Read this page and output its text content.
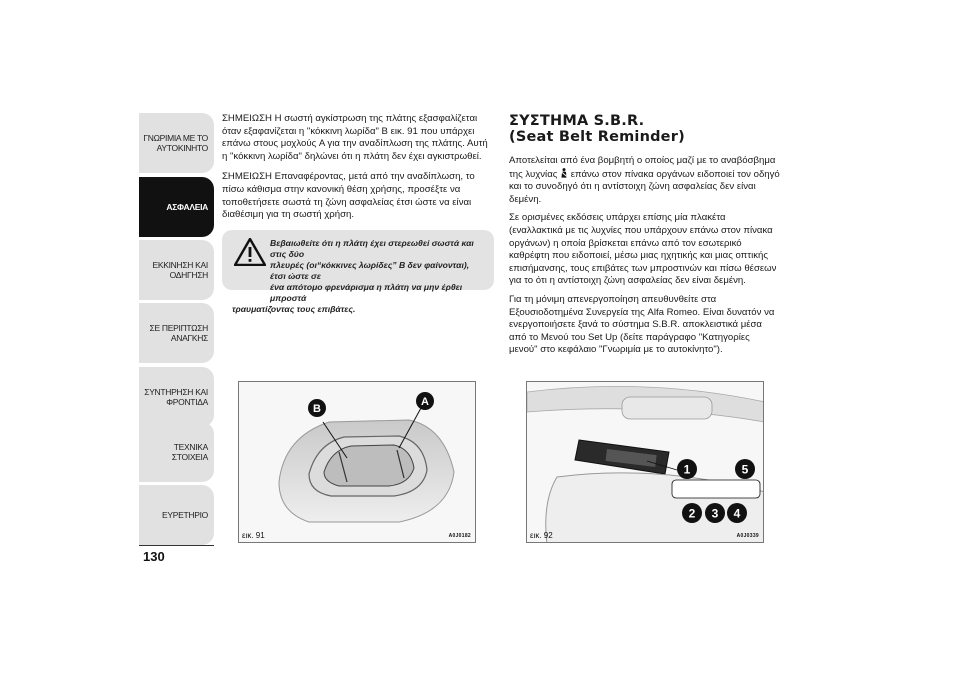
ΓΝΩΡΙΜΙΑ ΜΕ ΤΟ
ΑΥΤΟΚΙΝΗΤΟ
ΑΣΦΑΛΕΙΑ
ΕΚΚΙΝΗΣΗ ΚΑΙ
ΟΔΗΓΗΣΗ
ΣΕ ΠΕΡΙΠΤΩΣΗ
ΑΝΑΓΚΗΣ
ΣΥΝΤΗΡΗΣΗ ΚΑΙ
ΦΡΟΝΤΙΔΑ
ΤΕΧΝΙΚΑ ΣΤΟΙΧΕΙΑ
ΕΥΡΕΤΗΡΙΟ
130

ΣΗΜΕΙΩΣΗ Η σωστή αγκίστρωση της πλάτης εξασφαλίζεται όταν εξαφανίζεται η "κόκκινη λωρίδα" B εικ. 91 που υπάρχει επάνω στους μοχλούς A για την αναδίπλωση της πλάτης. Αυτή η "κόκκινη λωρίδα" δηλώνει ότι η πλάτη δεν έχει αγκιστρωθεί.

ΣΗΜΕΙΩΣΗ Επαναφέροντας, μετά από την αναδίπλωση, το πίσω κάθισμα στην κανονική θέση χρήσης, προσέξτε να τοποθετήσετε σωστά τη ζώνη ασφαλείας έτσι ώστε να είναι διαθέσιμη για τη σωστή χρήση.

Βεβαιωθείτε ότι η πλάτη έχει στερεωθεί σωστά και στις δύο
πλευρές (οι“κόκκινες λωρίδες” B δεν φαίνονται), έτσι ώστε σε
ένα απότομο φρενάρισμα η πλάτη να μην έρθει μπροστά
τραυματίζοντας τους επιβάτες.
ΣΥΣΤΗΜΑ S.B.R.
(Seat Belt Reminder)

Αποτελείται από ένα βομβητή ο οποίος μαζί με το αναβόσβημα της λυχνίας  επάνω στον πίνακα οργάνων ειδοποιεί τον οδηγό και το συνοδηγό ότι η αντίστοιχη ζώνη ασφαλείας δεν είναι δεμένη.

Σε ορισμένες εκδόσεις υπάρχει επίσης μία πλακέτα (εναλλακτικά με τις λυχνίες που υπάρχουν επάνω στον πίνακα οργάνων) η οποία βρίσκεται επάνω από τον εσωτερικό καθρέφτη που ειδοποιεί, μέσω μιας ηχητικής και μιας οπτικής επισήμανσης, τους επιβάτες των μπροστινών και πίσω θέσεων για το ότι η αντίστοιχη ζώνη ασφαλείας δεν είναι δεμένη.

Για τη μόνιμη απενεργοποίηση απευθυνθείτε στα Εξουσιοδοτημένα Συνεργεία της Alfa Romeo. Είναι δυνατόν να ενεργοποιήσετε ξανά το σύστημα S.B.R. αποκλειστικά μέσα από το Μενού του Set Up (δείτε παράγραφο "Κατηγορίες μενού" στο κεφάλαιο "Γνωριμία με το αυτοκίνητο").

B
A
εικ. 91	A0J0182
1	5
2 3 4
εικ. 92	A0J0339
